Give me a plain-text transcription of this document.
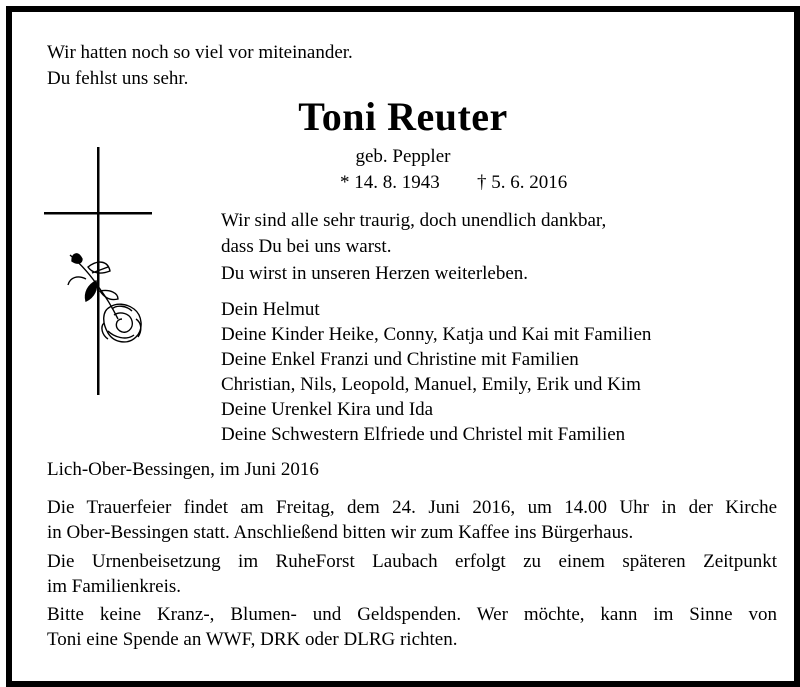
Wir hatten noch so viel vor miteinander.
Du fehlst uns sehr.
Toni Reuter
geb. Peppler
* 14. 8. 1943 † 5. 6. 2016
Wir sind alle sehr traurig, doch unendlich dankbar,
dass Du bei uns warst.
Du wirst in unseren Herzen weiterleben.
Dein Helmut
Deine Kinder Heike, Conny, Katja und Kai mit Familien
Deine Enkel Franzi und Christine mit Familien
Christian, Nils, Leopold, Manuel, Emily, Erik und Kim
Deine Urenkel Kira und Ida
Deine Schwestern Elfriede und Christel mit Familien
Lich-Ober-Bessingen, im Juni 2016
Die Trauerfeier findet am Freitag, dem 24. Juni 2016, um 14.00 Uhr in der Kirche
in Ober-Bessingen statt. Anschließend bitten wir zum Kaffee ins Bürgerhaus.
Die Urnenbeisetzung im RuheForst Laubach erfolgt zu einem späteren Zeitpunkt
im Familienkreis.
Bitte keine Kranz-, Blumen- und Geldspenden. Wer möchte, kann im Sinne von
Toni eine Spende an WWF, DRK oder DLRG richten.
